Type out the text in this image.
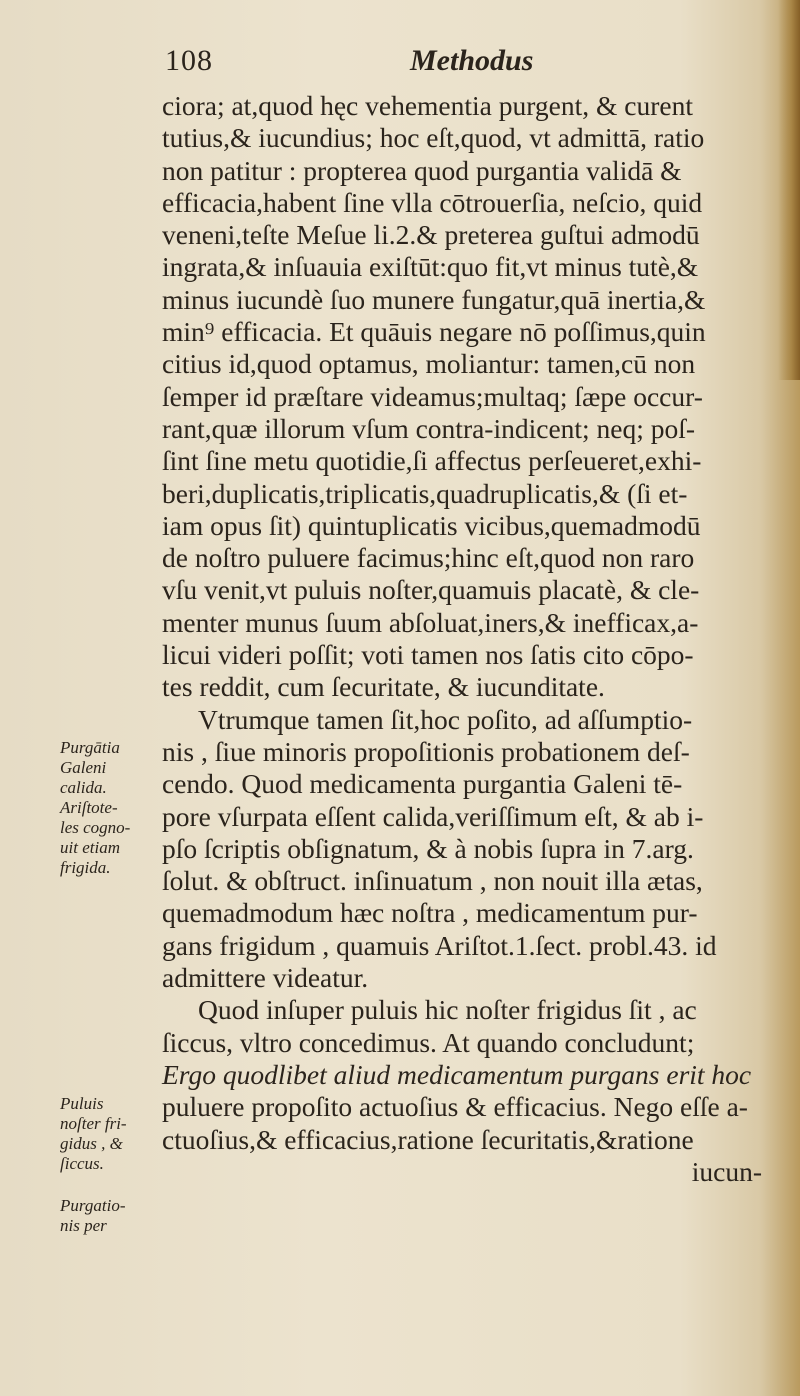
108	Methodus
ciora; at,quod hęc vehementia purgent, & curent
tutius,& iucundius; hoc eſt,quod, vt admittā, ratio
non patitur : propterea quod purgantia validā &
efficacia,habent ſine vlla cōtrouerſia, neſcio, quid
veneni,teſte Meſue li.2.& preterea guſtui admodū
ingrata,& inſuauia exiſtūt:quo fit,vt minus tutè,&
minus iucundè ſuo munere fungatur,quā inertia,&
min⁹ efficacia. Et quāuis negare nō poſſimus,quin
citius id,quod optamus, moliantur: tamen,cū non
ſemper id præſtare videamus;multaq; ſæpe occur-
rant,quæ illorum vſum contra-indicent; neq; poſ-
ſint ſine metu quotidie,ſi affectus perſeueret,exhi-
beri,duplicatis,triplicatis,quadruplicatis,& (ſi et-
iam opus ſit) quintuplicatis vicibus,quemadmodū
de noſtro puluere facimus;hinc eſt,quod non raro
vſu venit,vt puluis noſter,quamuis placatè, & cle-
menter munus ſuum abſoluat,iners,& inefficax,a-
licui videri poſſit; voti tamen nos ſatis cito cōpo-
tes reddit, cum ſecuritate, & iucunditate.
Vtrumque tamen ſit,hoc poſito, ad aſſumptio-
nis , ſiue minoris propoſitionis probationem deſ-
cendo. Quod medicamenta purgantia Galeni tē-
pore vſurpata eſſent calida,veriſſimum eſt, & ab i-
pſo ſcriptis obſignatum, & à nobis ſupra in 7.arg.
ſolut. & obſtruct. inſinuatum , non nouit illa ætas,
quemadmodum hæc noſtra , medicamentum pur-
gans frigidum , quamuis Ariſtot.1.ſect. probl.43. id
admittere videatur.
Quod inſuper puluis hic noſter frigidus ſit , ac
ſiccus, vltro concedimus. At quando concludunt;
Ergo quodlibet aliud medicamentum purgans erit hoc
puluere propoſito actuoſius & efficacius. Nego eſſe a-
ctuoſius,& efficacius,ratione ſecuritatis,&ratione
iucun-
Purgātia
Galeni
calida.
Ariſtote-
les cogno-
uit etiam
frigida.
Puluis
noſter fri-
gidus , &
ſiccus.
Purgatio-
nis per
